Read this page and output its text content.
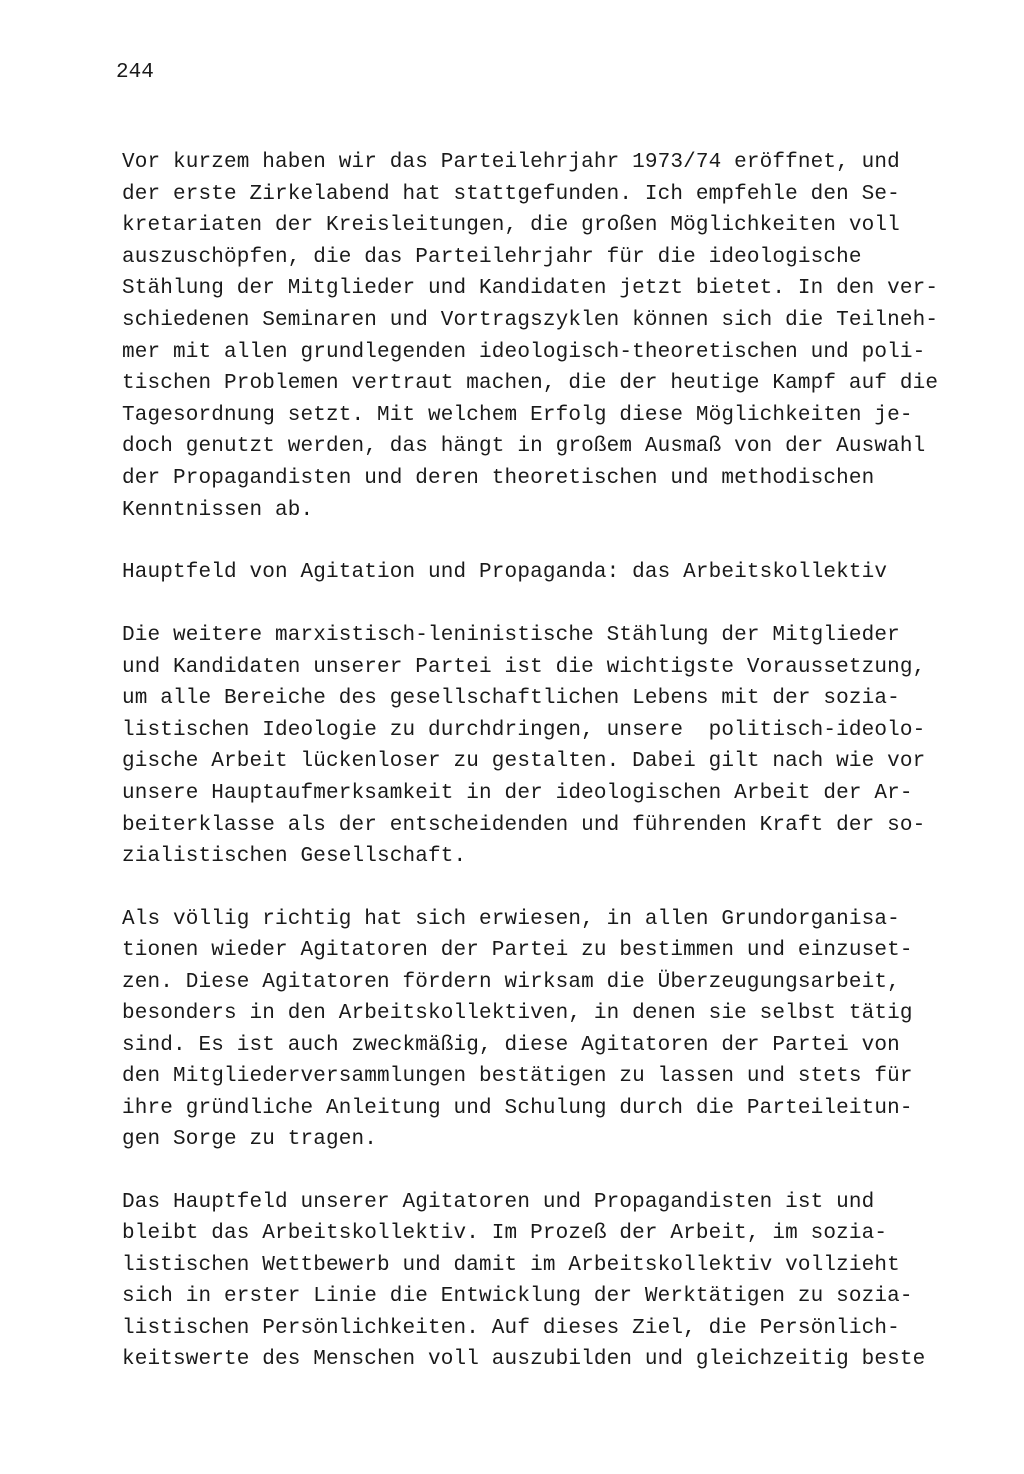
244
Vor kurzem haben wir das Parteilehrjahr 1973/74 eröffnet, und
der erste Zirkelabend hat stattgefunden. Ich empfehle den Se-
kretariaten der Kreisleitungen, die großen Möglichkeiten voll
auszuschöpfen, die das Parteilehrjahr für die ideologische
Stählung der Mitglieder und Kandidaten jetzt bietet. In den ver-
schiedenen Seminaren und Vortragszyklen können sich die Teilneh-
mer mit allen grundlegenden ideologisch-theoretischen und poli-
tischen Problemen vertraut machen, die der heutige Kampf auf die
Tagesordnung setzt. Mit welchem Erfolg diese Möglichkeiten je-
doch genutzt werden, das hängt in großem Ausmaß von der Auswahl
der Propagandisten und deren theoretischen und methodischen
Kenntnissen ab.
Hauptfeld von Agitation und Propaganda: das Arbeitskollektiv
Die weitere marxistisch-leninistische Stählung der Mitglieder
und Kandidaten unserer Partei ist die wichtigste Voraussetzung,
um alle Bereiche des gesellschaftlichen Lebens mit der sozia-
listischen Ideologie zu durchdringen, unsere  politisch-ideolo-
gische Arbeit lückenloser zu gestalten. Dabei gilt nach wie vor
unsere Hauptaufmerksamkeit in der ideologischen Arbeit der Ar-
beiterklasse als der entscheidenden und führenden Kraft der so-
zialistischen Gesellschaft.
Als völlig richtig hat sich erwiesen, in allen Grundorganisa-
tionen wieder Agitatoren der Partei zu bestimmen und einzuset-
zen. Diese Agitatoren fördern wirksam die Überzeugungsarbeit,
besonders in den Arbeitskollektiven, in denen sie selbst tätig
sind. Es ist auch zweckmäßig, diese Agitatoren der Partei von
den Mitgliederversammlungen bestätigen zu lassen und stets für
ihre gründliche Anleitung und Schulung durch die Parteileitun-
gen Sorge zu tragen.
Das Hauptfeld unserer Agitatoren und Propagandisten ist und
bleibt das Arbeitskollektiv. Im Prozeß der Arbeit, im sozia-
listischen Wettbewerb und damit im Arbeitskollektiv vollzieht
sich in erster Linie die Entwicklung der Werktätigen zu sozia-
listischen Persönlichkeiten. Auf dieses Ziel, die Persönlich-
keitswerte des Menschen voll auszubilden und gleichzeitig beste
